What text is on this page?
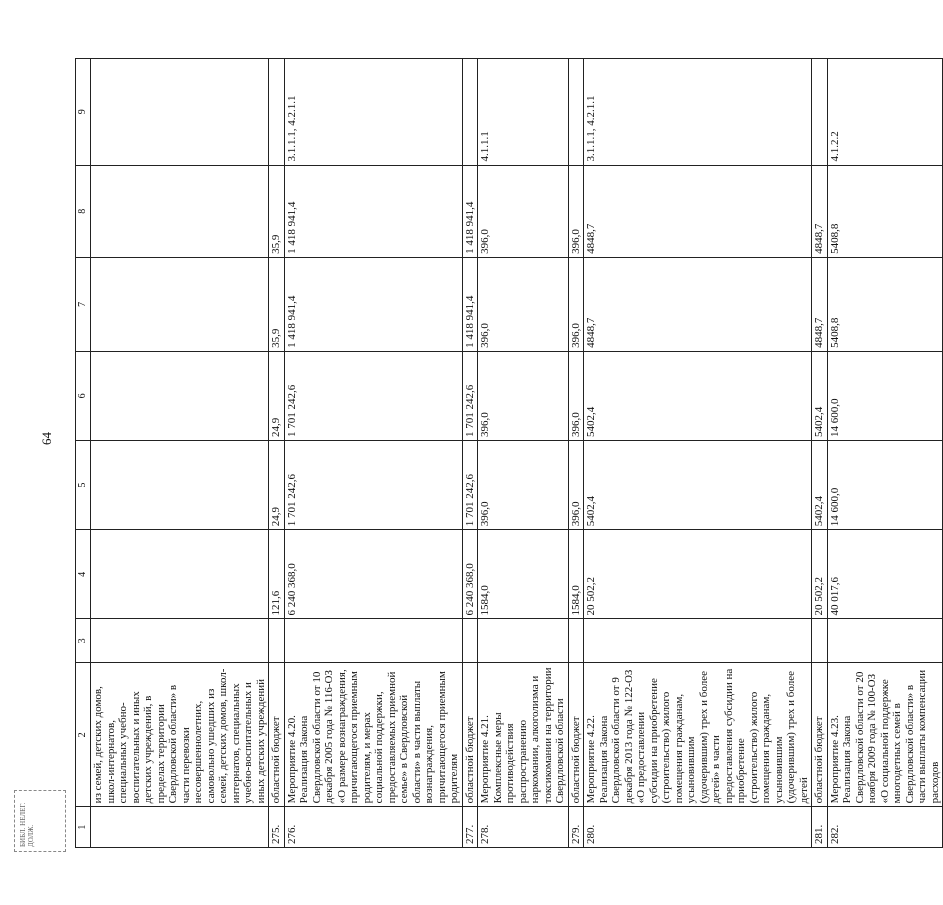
64
1	2	3	4	5	6	7	8	9
	из семей, детских домов, школ-интернатов, специальных учебно-воспитательных и иных детских учреждений, в пределах территории Свердловской области» в части перевозки несовершеннолетних, самовольно ушедших из семей, детских домов, школ-интернатов, специальных учебно-воспитательных и иных детских учреждений							
275.	областной бюджет		121,6	24,9	24,9	35,9	35,9	
276.	Мероприятие 4.20. Реализация Закона Свердловской области от 10 декабря 2005 года № 116-ОЗ «О размере вознаграждения, причитающегося приемным родителям, и мерах социальной поддержки, предоставляемых приемной семье» в Свердловской области» в части выплаты вознаграждения, причитающегося приемным родителям		6 240 368,0	1 701 242,6	1 701 242,6	1 418 941,4	1 418 941,4	3.1.1.1, 4.2.1.1
277.	областной бюджет		6 240 368,0	1 701 242,6	1 701 242,6	1 418 941,4	1 418 941,4	
278.	Мероприятие 4.21. Комплексные меры противодействия распространению наркомании, алкоголизма и токсикомании на территории Свердловской области		1584,0	396,0	396,0	396,0	396,0	4.1.1.1
279.	областной бюджет		1584,0	396,0	396,0	396,0	396,0	
280.	Мероприятие 4.22. Реализация Закона Свердловской области от 9 декабря 2013 года № 122-ОЗ «О предоставлении субсидии на приобретение (строительство) жилого помещения гражданам, усыновившим (удочерившим) трех и более детей» в части предоставления субсидии на приобретение (строительство) жилого помещения гражданам, усыновившим (удочерившим) трех и более детей		20 502,2	5402,4	5402,4	4848,7	4848,7	3.1.1.1, 4.2.1.1
281.	областной бюджет		20 502,2	5402,4	5402,4	4848,7	4848,7	
282.	Мероприятие 4.23. Реализация Закона Свердловской области от 20 ноября 2009 года № 100-ОЗ «О социальной поддержке многодетных семей в Свердловской области» в части выплаты компенсации расходов		40 017,6	14 600,0	14 600,0	5408,8	5408,8	4.1.2.2
БИБЛ. НЕЛЕГ. ДОЛЖ.
